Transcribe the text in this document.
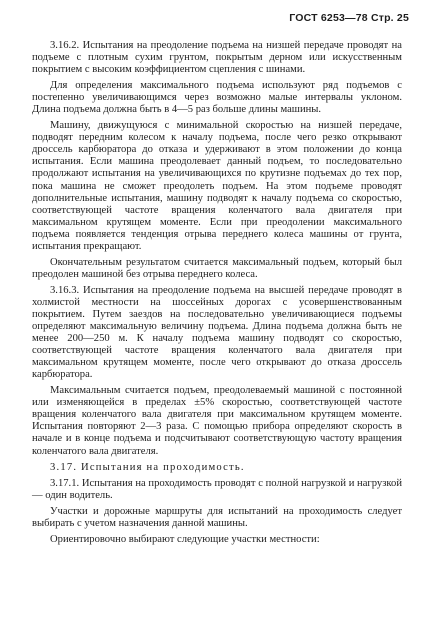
ГОСТ 6253—78 Стр. 25

3.16.2. Испытания на преодоление подъема на низшей передаче проводят на подъеме с плотным сухим грунтом, покрытым дерном или искусственным покрытием с высоким коэффициентом сцепления с шинами.

Для определения максимального подъема используют ряд подъемов с постепенно увеличивающимся через возможно малые интервалы уклоном. Длина подъема должна быть в 4—5 раз больше длины машины.

Машину, движущуюся с минимальной скоростью на низшей передаче, подводят передним колесом к началу подъема, после чего резко открывают дроссель карбюратора до отказа и удерживают в этом положении до конца испытания. Если машина преодолевает данный подъем, то последовательно продолжают испытания на увеличивающихся по крутизне подъемах до тех пор, пока машина не сможет преодолеть подъем. На этом подъеме проводят дополнительные испытания, машину подводят к началу подъема со скоростью, соответствующей частоте вращения коленчатого вала двигателя при максимальном крутящем моменте. Если при преодолении максимального подъема появляется тенденция отрыва переднего колеса машины от грунта, испытания прекращают.

Окончательным результатом считается максимальный подъем, который был преодолен машиной без отрыва переднего колеса.

3.16.3. Испытания на преодоление подъема на высшей передаче проводят в холмистой местности на шоссейных дорогах с усовершенствованным покрытием. Путем заездов на последовательно увеличивающиеся подъемы определяют максимальную величину подъема. Длина подъема должна быть не менее 200—250 м. К началу подъема машину подводят со скоростью, соответствующей частоте вращения коленчатого вала двигателя при максимальном крутящем моменте, после чего открывают до отказа дроссель карбюратора.

Максимальным считается подъем, преодолеваемый машиной с постоянной или изменяющейся в пределах ±5% скоростью, соответствующей частоте вращения коленчатого вала двигателя при максимальном крутящем моменте. Испытания повторяют 2—3 раза. С помощью прибора определяют скорость в начале и в конце подъема и подсчитывают соответствующую частоту вращения коленчатого вала двигателя.

3.17. Испытания на проходимость.

3.17.1. Испытания на проходимость проводят с полной нагрузкой и нагрузкой — один водитель.

Участки и дорожные маршруты для испытаний на проходимость следует выбирать с учетом назначения данной машины.

Ориентировочно выбирают следующие участки местности:
